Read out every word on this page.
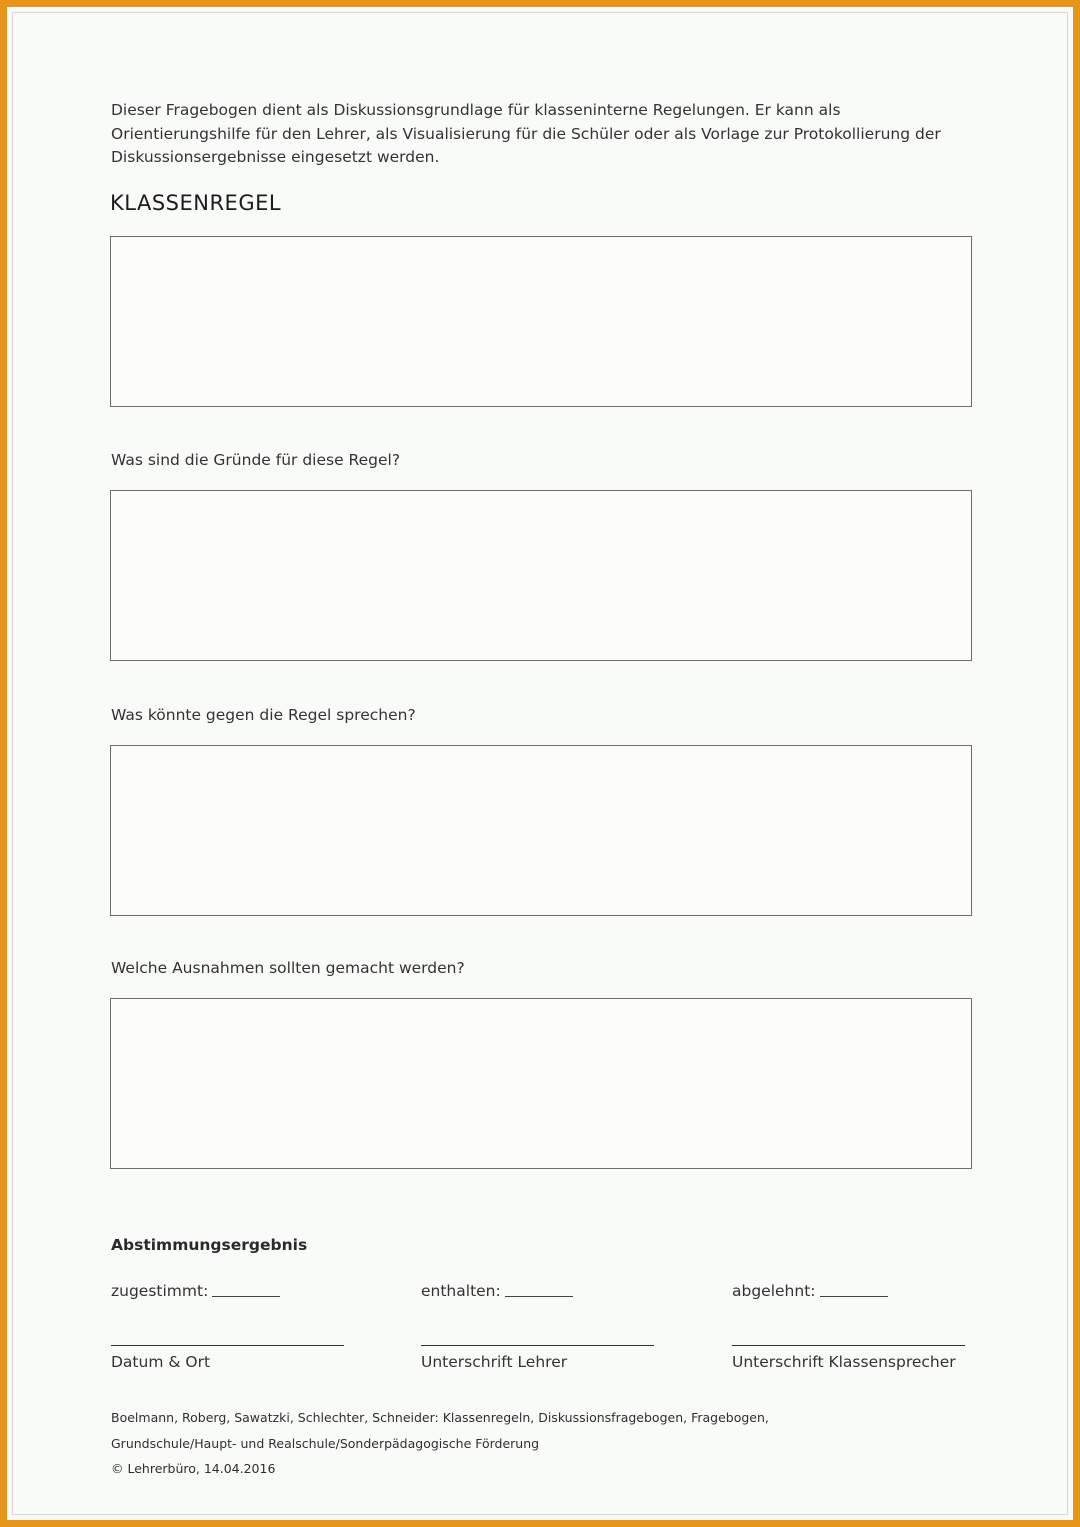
Dieser Fragebogen dient als Diskussionsgrundlage für klasseninterne Regelungen. Er kann als Orientierungshilfe für den Lehrer, als Visualisierung für die Schüler oder als Vorlage zur Protokollierung der Diskussionsergebnisse eingesetzt werden.

KLASSENREGEL

Was sind die Gründe für diese Regel?

Was könnte gegen die Regel sprechen?

Welche Ausnahmen sollten gemacht werden?

Abstimmungsergebnis

zugestimmt:	enthalten:	abgelehnt:
Datum & Ort	Unterschrift Lehrer	Unterschrift Klassensprecher
Boelmann, Roberg, Sawatzki, Schlechter, Schneider: Klassenregeln, Diskussionsfragebogen, Fragebogen,
Grundschule/Haupt- und Realschule/Sonderpädagogische Förderung
© Lehrerbüro, 14.04.2016
